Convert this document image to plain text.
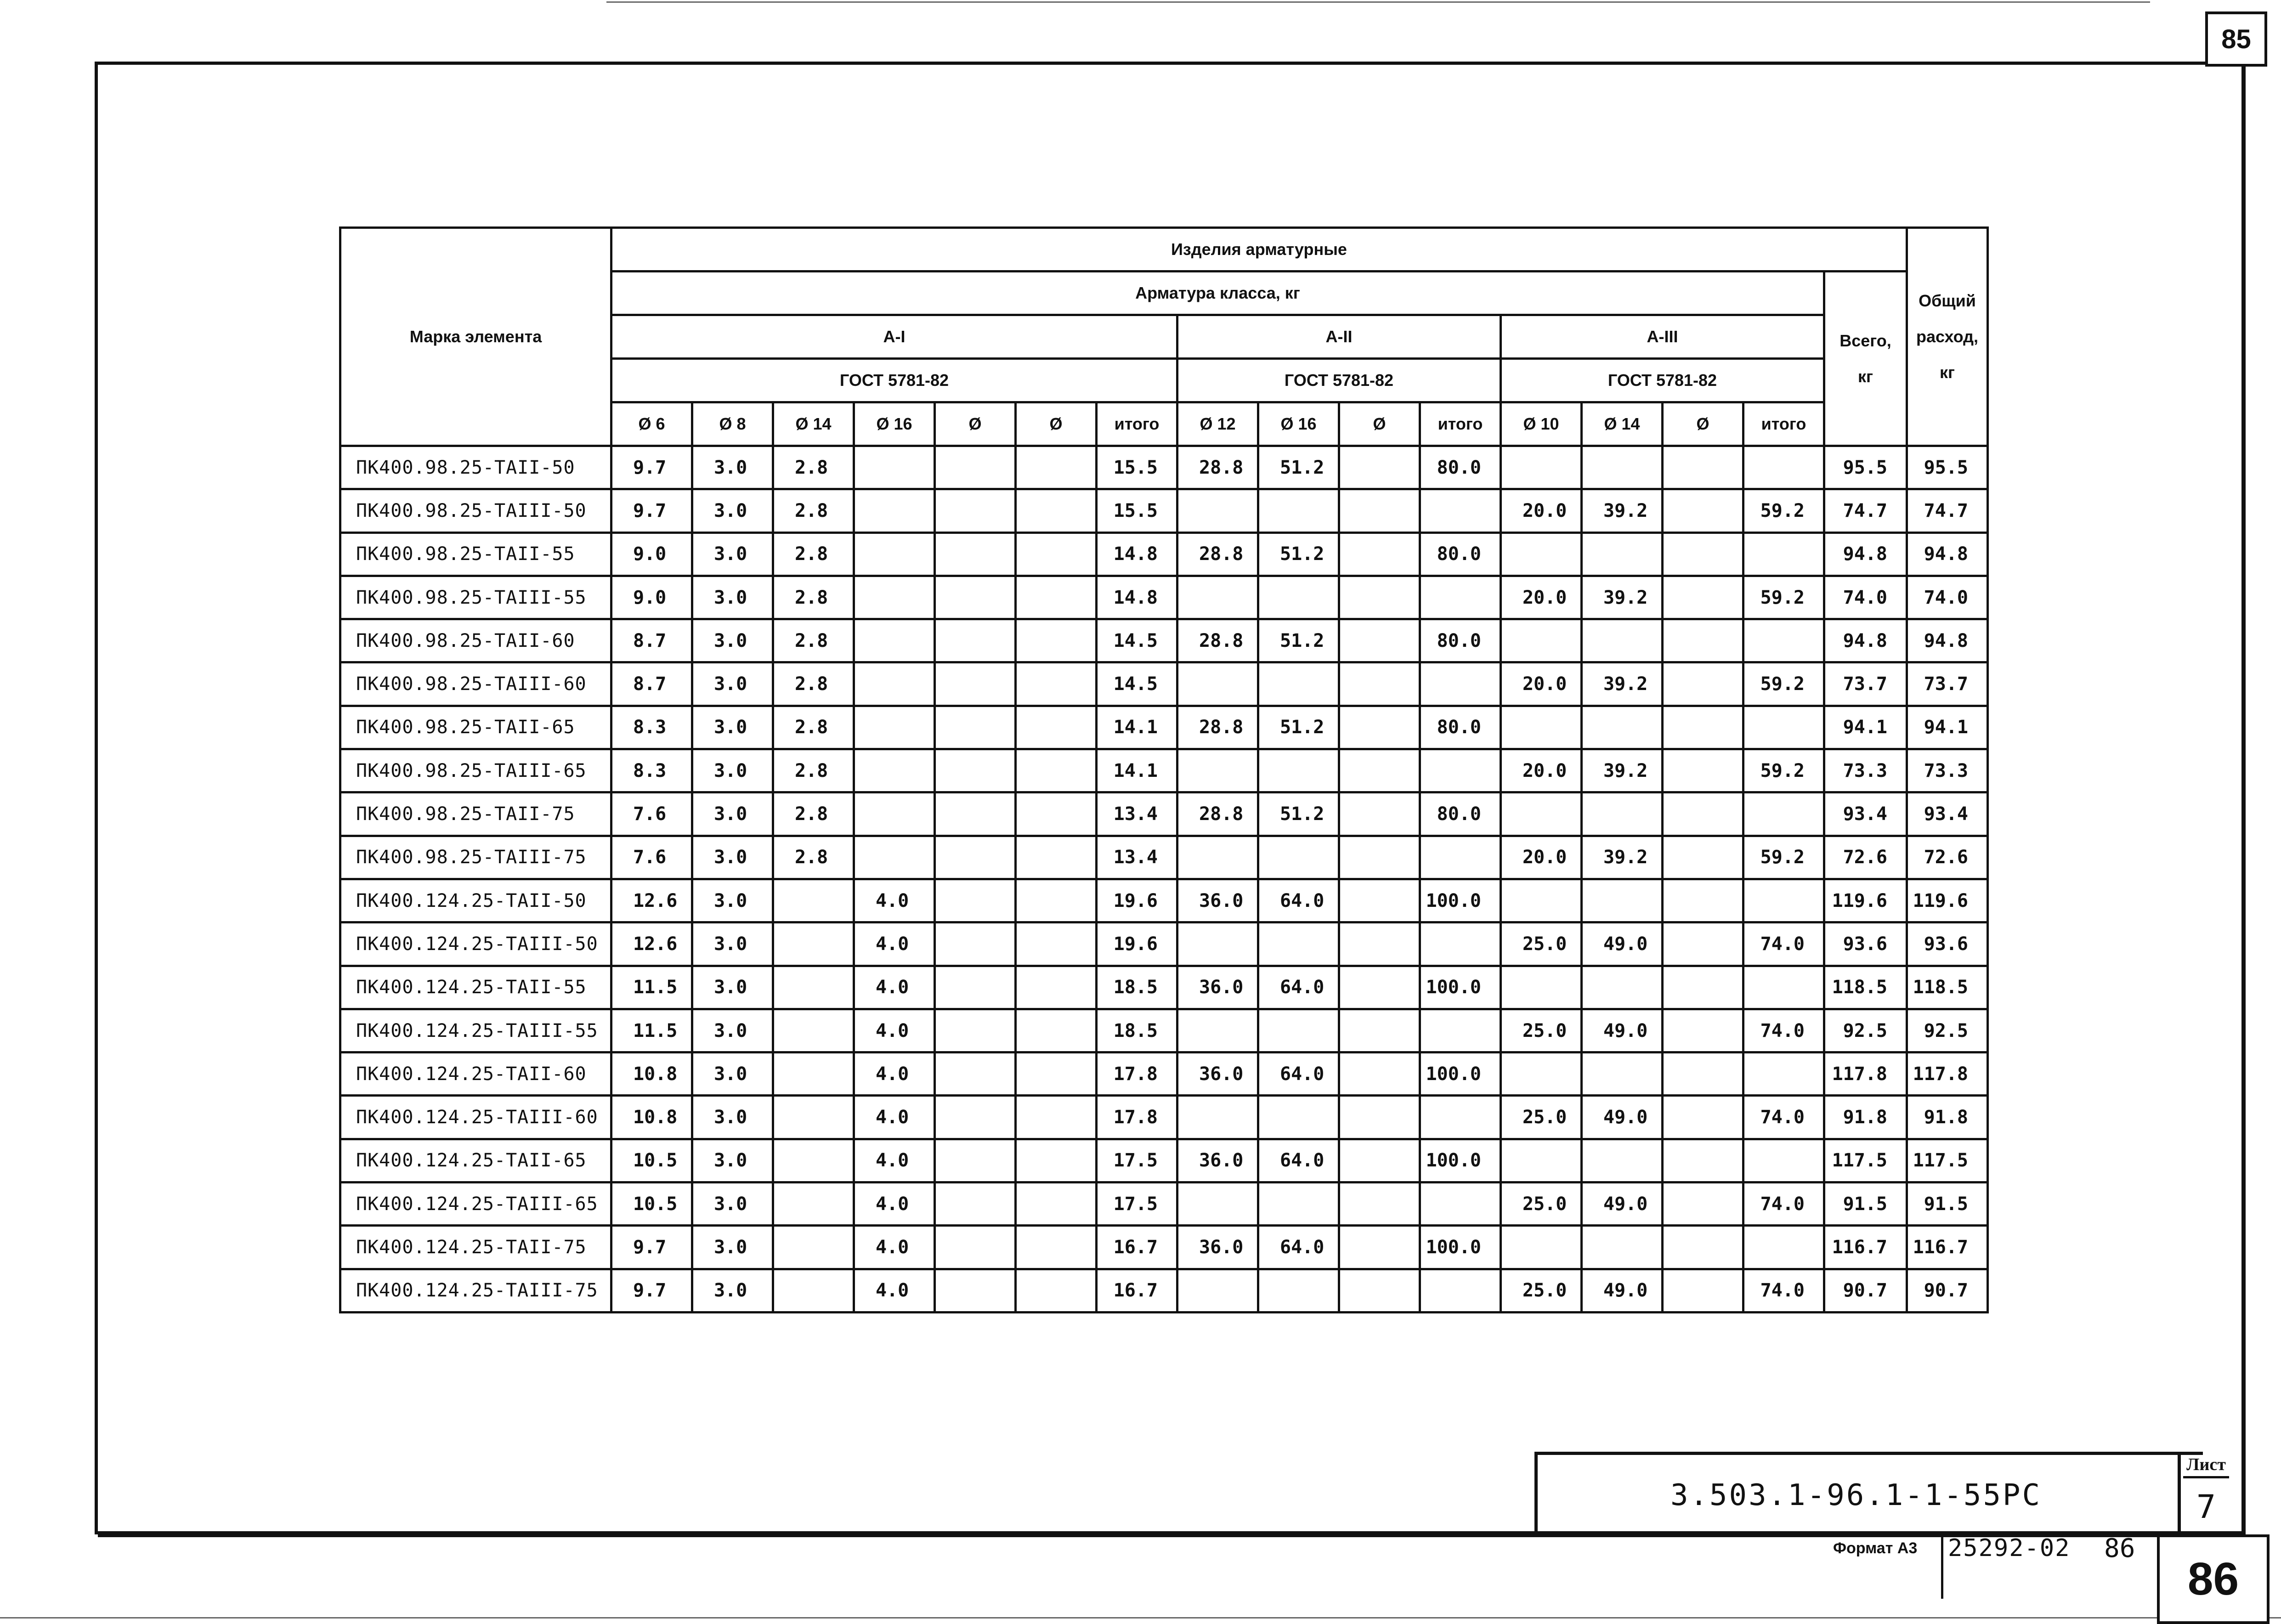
85
Марка элемента	Изделия арматурные																Общий
расход,
кг

	Арматура класса, кг															Всего,
кг	

	А-I							А-II				А-III					
	ГОСТ 5781-82							ГОСТ 5781-82				ГОСТ 5781-82					
	Ø 6	Ø 8	Ø 14	Ø 16	Ø	Ø	итого	Ø 12	Ø 16	Ø	итого	Ø 10	Ø 14	Ø	итого		
ПК400.98.25-TAII-50	9.7	3.0	2.8				15.5	28.8	51.2		80.0					95.5	95.5
ПК400.98.25-TAIII-50	9.7	3.0	2.8				15.5					20.0	39.2		59.2	74.7	74.7
ПК400.98.25-TAII-55	9.0	3.0	2.8				14.8	28.8	51.2		80.0					94.8	94.8
ПК400.98.25-TAIII-55	9.0	3.0	2.8				14.8					20.0	39.2		59.2	74.0	74.0
ПК400.98.25-TAII-60	8.7	3.0	2.8				14.5	28.8	51.2		80.0					94.8	94.8
ПК400.98.25-TAIII-60	8.7	3.0	2.8				14.5					20.0	39.2		59.2	73.7	73.7
ПК400.98.25-TAII-65	8.3	3.0	2.8				14.1	28.8	51.2		80.0					94.1	94.1
ПК400.98.25-TAIII-65	8.3	3.0	2.8				14.1					20.0	39.2		59.2	73.3	73.3
ПК400.98.25-TAII-75	7.6	3.0	2.8				13.4	28.8	51.2		80.0					93.4	93.4
ПК400.98.25-TAIII-75	7.6	3.0	2.8				13.4					20.0	39.2		59.2	72.6	72.6
ПК400.124.25-TAII-50	12.6	3.0		4.0			19.6	36.0	64.0		100.0					119.6	119.6
ПК400.124.25-TAIII-50	12.6	3.0		4.0			19.6					25.0	49.0		74.0	93.6	93.6
ПК400.124.25-TAII-55	11.5	3.0		4.0			18.5	36.0	64.0		100.0					118.5	118.5
ПК400.124.25-TAIII-55	11.5	3.0		4.0			18.5					25.0	49.0		74.0	92.5	92.5
ПК400.124.25-TAII-60	10.8	3.0		4.0			17.8	36.0	64.0		100.0					117.8	117.8
ПК400.124.25-TAIII-60	10.8	3.0		4.0			17.8					25.0	49.0		74.0	91.8	91.8
ПК400.124.25-TAII-65	10.5	3.0		4.0			17.5	36.0	64.0		100.0					117.5	117.5
ПК400.124.25-TAIII-65	10.5	3.0		4.0			17.5					25.0	49.0		74.0	91.5	91.5
ПК400.124.25-TAII-75	9.7	3.0		4.0			16.7	36.0	64.0		100.0					116.7	116.7
ПК400.124.25-TAIII-75	9.7	3.0		4.0			16.7					25.0	49.0		74.0	90.7	90.7
3.503.1-96.1-1-55PC
Лист
7
Формат А3	25292-02	86
86
